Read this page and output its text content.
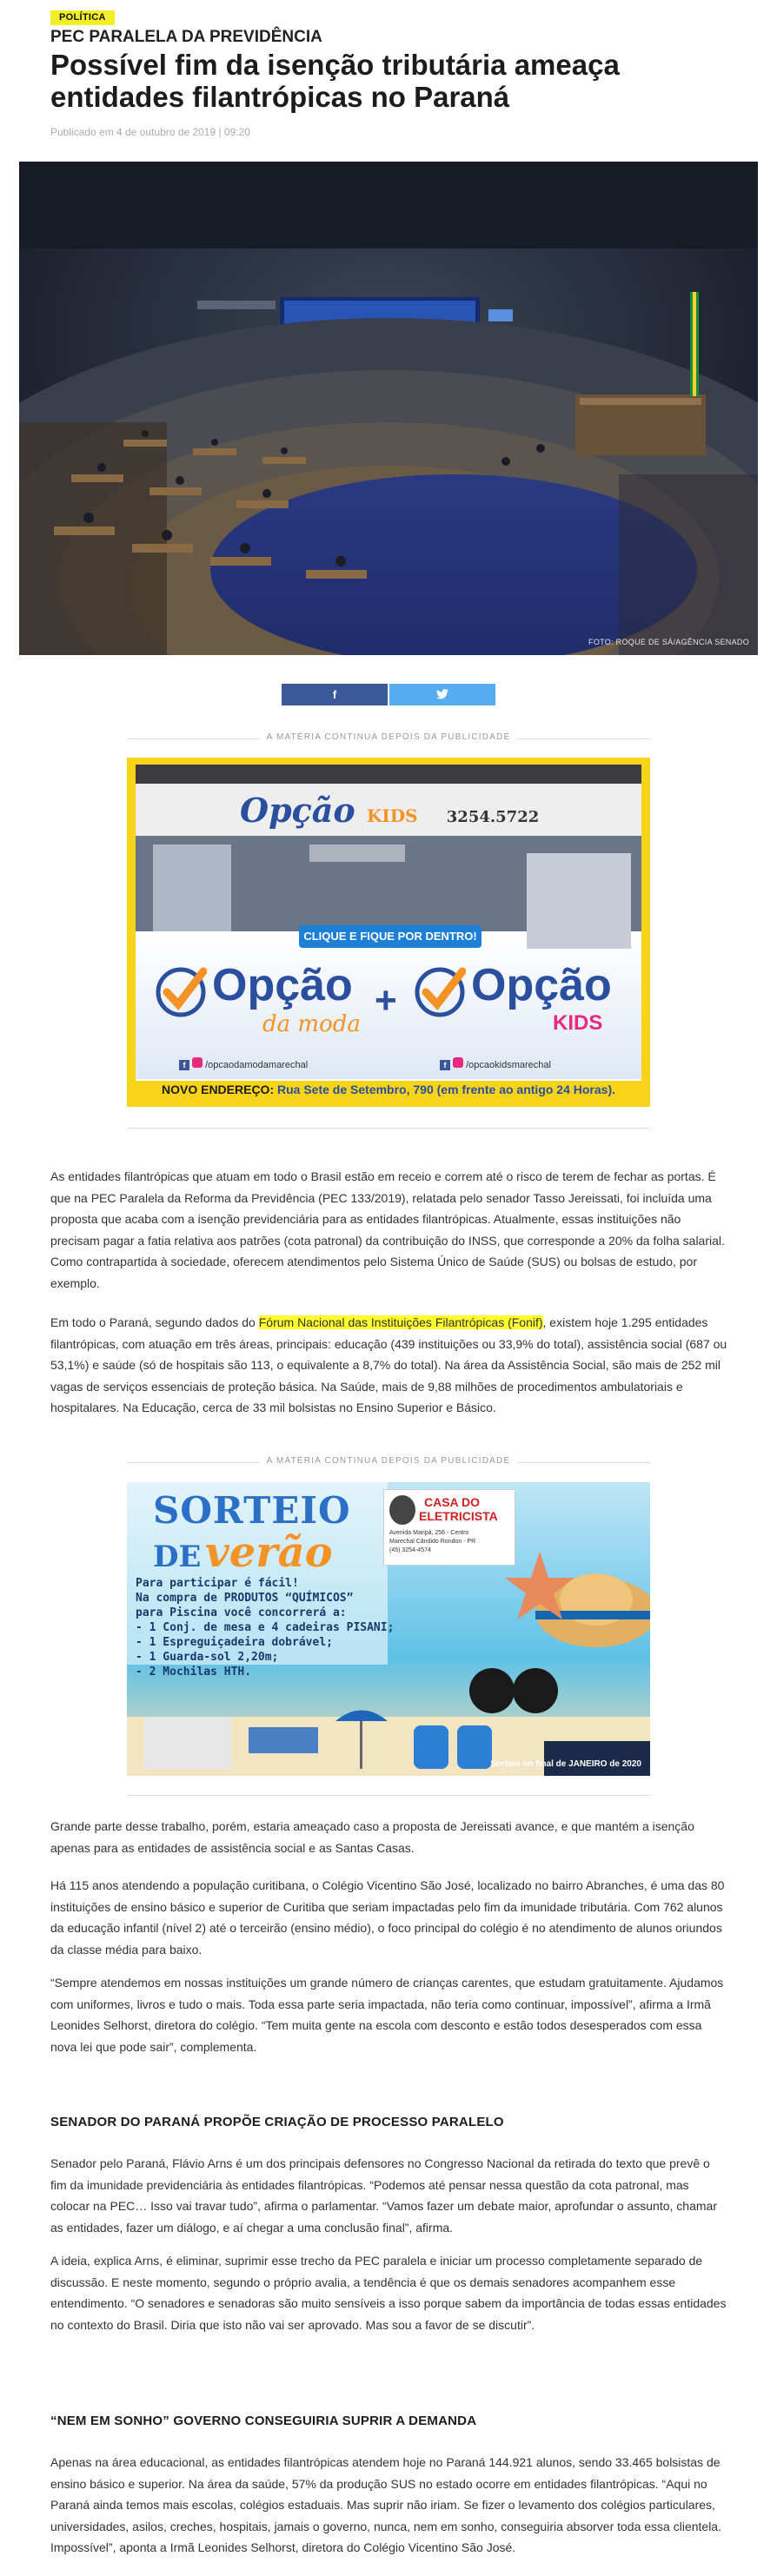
POLÍTICA
PEC PARALELA DA PREVIDÊNCIA
Possível fim da isenção tributária ameaça entidades filantrópicas no Paraná
Publicado em 4 de outubro de 2019 | 09:20
FOTO: ROQUE DE SÁ/AGÊNCIA SENADO
f
A MATÉRIA CONTINUA DEPOIS DA PUBLICIDADE
Opção KIDS 3254.5722
CLIQUE E FIQUE POR DENTRO!
Opção
da moda
+ Opção
KIDS
f /opcaodamodamarechal	f /opcaokidsmarechal
NOVO ENDEREÇO: Rua Sete de Setembro, 790 (em frente ao antigo 24 Horas).

As entidades filantrópicas que atuam em todo o Brasil estão em receio e correm até o risco de terem de fechar as portas. É que na PEC Paralela da Reforma da Previdência (PEC 133/2019), relatada pelo senador Tasso Jereissati, foi incluída uma proposta que acaba com a isenção previdenciária para as entidades filantrópicas. Atualmente, essas instituições não precisam pagar a fatia relativa aos patrões (cota patronal) da contribuição do INSS, que corresponde a 20% da folha salarial. Como contrapartida à sociedade, oferecem atendimentos pelo Sistema Único de Saúde (SUS) ou bolsas de estudo, por exemplo.

Em todo o Paraná, segundo dados do Fórum Nacional das Instituições Filantrópicas (Fonif), existem hoje 1.295 entidades filantrópicas, com atuação em três áreas, principais: educação (439 instituições ou 33,9% do total), assistência social (687 ou 53,1%) e saúde (só de hospitais são 113, o equivalente a 8,7% do total). Na área da Assistência Social, são mais de 252 mil vagas de serviços essenciais de proteção básica. Na Saúde, mais de 9,88 milhões de procedimentos ambulatoriais e hospitalares. Na Educação, cerca de 33 mil bolsistas no Ensino Superior e Básico.

A MATÉRIA CONTINUA DEPOIS DA PUBLICIDADE
SORTEIO
DE verão
CASA DO
ELETRICISTA
Avenida Maripá, 256 - Centro
Marechal Cândido Rondon - PR
(45) 3254-4574
Para participar é fácil!
Na compra de PRODUTOS “QUÍMICOS”
para Piscina você concorrerá a:
- 1 Conj. de mesa e 4 cadeiras PISANI;
- 1 Espreguiçadeira dobrável;
- 1 Guarda-sol 2,20m;
- 2 Mochilas HTH.
Sorteio no final de JANEIRO de 2020

Grande parte desse trabalho, porém, estaria ameaçado caso a proposta de Jereissati avance, e que mantém a isenção apenas para as entidades de assistência social e as Santas Casas.

Há 115 anos atendendo a população curitibana, o Colégio Vicentino São José, localizado no bairro Abranches, é uma das 80 instituições de ensino básico e superior de Curitiba que seriam impactadas pelo fim da imunidade tributária. Com 762 alunos da educação infantil (nível 2) até o terceirão (ensino médio), o foco principal do colégio é no atendimento de alunos oriundos da classe média para baixo.

“Sempre atendemos em nossas instituições um grande número de crianças carentes, que estudam gratuitamente. Ajudamos com uniformes, livros e tudo o mais. Toda essa parte seria impactada, não teria como continuar, impossível”, afirma a Irmã Leonides Selhorst, diretora do colégio. “Tem muita gente na escola com desconto e estão todos desesperados com essa nova lei que pode sair”, complementa.

SENADOR DO PARANÁ PROPÕE CRIAÇÃO DE PROCESSO PARALELO

Senador pelo Paraná, Flávio Arns é um dos principais defensores no Congresso Nacional da retirada do texto que prevê o fim da imunidade previdenciária às entidades filantrópicas. “Podemos até pensar nessa questão da cota patronal, mas colocar na PEC… Isso vai travar tudo”, afirma o parlamentar. “Vamos fazer um debate maior, aprofundar o assunto, chamar as entidades, fazer um diálogo, e aí chegar a uma conclusão final”, afirma.

A ideia, explica Arns, é eliminar, suprimir esse trecho da PEC paralela e iniciar um processo completamente separado de discussão. E neste momento, segundo o próprio avalia, a tendência é que os demais senadores acompanhem esse entendimento. “O senadores e senadoras são muito sensíveis a isso porque sabem da importância de todas essas entidades no contexto do Brasil. Diria que isto não vai ser aprovado. Mas sou a favor de se discutir”.

“NEM EM SONHO” GOVERNO CONSEGUIRIA SUPRIR A DEMANDA

Apenas na área educacional, as entidades filantrópicas atendem hoje no Paraná 144.921 alunos, sendo 33.465 bolsistas de ensino básico e superior. Na área da saúde, 57% da produção SUS no estado ocorre em entidades filantrópicas. “Aqui no Paraná ainda temos mais escolas, colégios estaduais. Mas suprir não iriam. Se fizer o levamento dos colégios particulares, universidades, asilos, creches, hospitais, jamais o governo, nunca, nem em sonho, conseguiria absorver toda essa clientela. Impossível”, aponta a Irmã Leonides Selhorst, diretora do Colégio Vicentino São José.
